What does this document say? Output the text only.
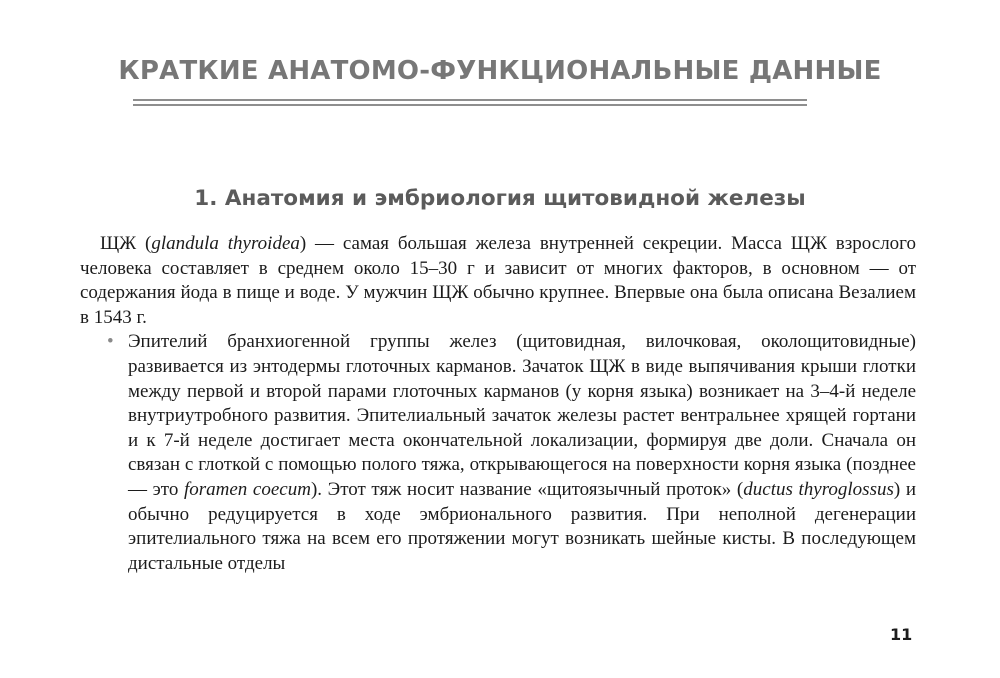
КРАТКИЕ АНАТОМО-ФУНКЦИОНАЛЬНЫЕ ДАННЫЕ
1. Анатомия и эмбриология щитовидной железы

ЩЖ (glandula thyroidea) — самая большая железа внутренней секреции. Масса ЩЖ взрослого человека составляет в среднем около 15–30 г и зависит от многих факторов, в основном — от содержания йода в пище и воде. У мужчин ЩЖ обычно крупнее. Впервые она была описана Везалием в 1543 г.

• Эпителий бранхиогенной группы желез (щитовидная, вилочковая, околощитовидные) развивается из энтодермы глоточных карманов. Зачаток ЩЖ в виде выпячивания крыши глотки между первой и второй парами глоточных карманов (у корня языка) возникает на 3–4-й неделе внутриутробного развития. Эпителиальный зачаток железы растет вентральнее хрящей гортани и к 7-й неделе достигает места окончательной локализации, формируя две доли. Сначала он связан с глоткой с помощью полого тяжа, открывающегося на поверхности корня языка (позднее — это foramen coecum). Этот тяж носит название «щитоязычный проток» (ductus thyroglossus) и обычно редуцируется в ходе эмбрионального развития. При неполной дегенерации эпителиального тяжа на всем его протяжении могут возникать шейные кисты. В последующем дистальные отделы
11
